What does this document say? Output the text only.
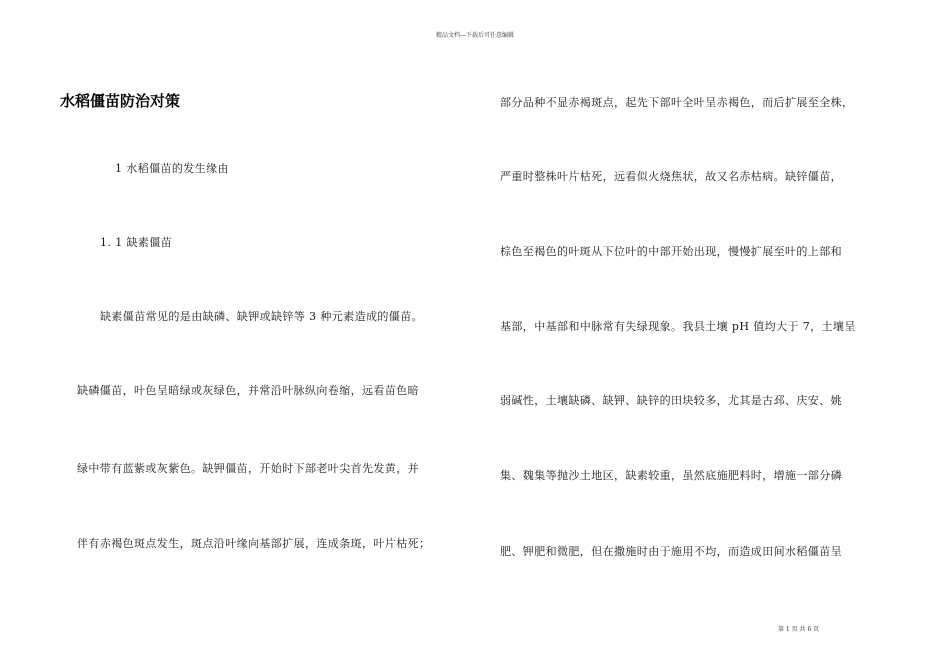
精品文档---下载后可任意编辑
水稻僵苗防治对策
1 水稻僵苗的发生缘由
1. 1 缺素僵苗
缺素僵苗常见的是由缺磷、缺钾或缺锌等 3 种元素造成的僵苗。
缺磷僵苗，叶色呈暗绿或灰绿色，并常沿叶脉纵向卷缩，远看苗色暗
绿中带有蓝紫或灰紫色。缺钾僵苗，开始时下部老叶尖首先发黄，并
伴有赤褐色斑点发生，斑点沿叶缘向基部扩展，连成条斑，叶片枯死；
部分品种不显赤褐斑点，起先下部叶全叶呈赤褐色，而后扩展至全株，
严重时整株叶片枯死，远看似火烧焦状，故又名赤枯病。缺锌僵苗，
棕色至褐色的叶斑从下位叶的中部开始出现，慢慢扩展至叶的上部和
基部，中基部和中脉常有失绿现象。我县土壤 pH 值均大于 7，土壤呈
弱碱性，土壤缺磷、缺钾、缺锌的田块较多，尤其是古邳、庆安、姚
集、魏集等抛沙土地区，缺素较重，虽然底施肥料时，增施一部分磷
肥、钾肥和微肥，但在撒施时由于施用不均，而造成田间水稻僵苗呈
第 1 页 共 6 页
